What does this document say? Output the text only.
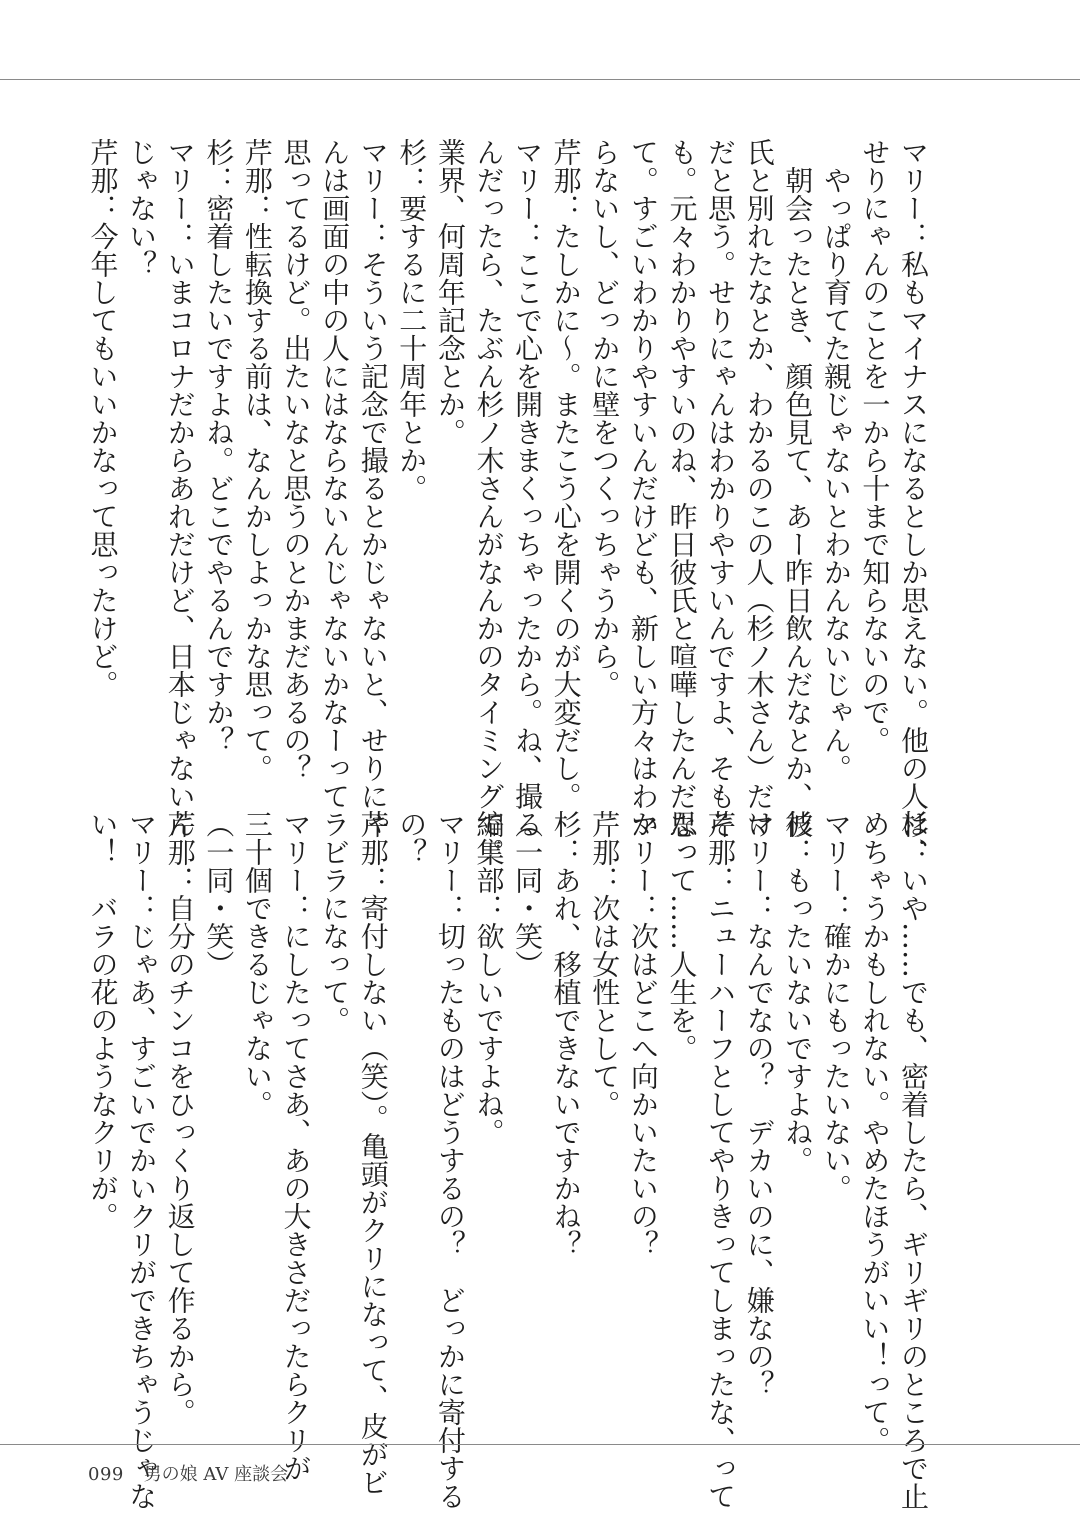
マリー：私もマイナスになるとしか思えない。他の人は、
せりにゃんのことを一から十まで知らないので。
　やっぱり育てた親じゃないとわかんないじゃん。
　朝会ったとき、顔色見て、あー昨日飲んだなとか、彼
氏と別れたなとか、わかるのこの人（杉ノ木さん）だけ
だと思う。せりにゃんはわかりやすいんですよ、そもそ
も。元々わかりやすいのね、昨日彼氏と喧嘩したんだなっ
て。すごいわかりやすいんだけども、新しい方々はわか
らないし、どっかに壁をつくっちゃうから。
芹那：たしかに〜。またこう心を開くのが大変だし。
マリー：ここで心を開きまくっちゃったから。ね、撮る
んだったら、たぶん杉ノ木さんがなんかのタイミングで。
業界、何周年記念とか。
杉：要するに二十周年とか。
マリー：そういう記念で撮るとかじゃないと、せりにゃ
んは画面の中の人にはならないんじゃないかなーって
思ってるけど。出たいなと思うのとかまだあるの？
芹那：性転換する前は、なんかしよっかな思って。
杉：密着したいですよね。どこでやるんですか？
マリー：いまコロナだからあれだけど、日本じゃないん
じゃない？
芹那：今年してもいいかなって思ったけど。
杉：いや……でも、密着したら、ギリギリのところで止
めちゃうかもしれない。やめたほうがいい！って。
マリー：確かにもったいない。
杉：もったいないですよね。
マリー：なんでなの？　デカいのに、嫌なの？
芹那：ニューハーフとしてやりきってしまったな、って
思って……人生を。
マリー：次はどこへ向かいたいの？
芹那：次は女性として。
杉：あれ、移植できないですかね？
（一同・笑）
編集部：欲しいですよね。
マリー：切ったものはどうするの？　どっかに寄付する
の？
芹那：寄付しない（笑）。亀頭がクリになって、皮がビ
ラビラになって。
マリー：にしたってさあ、あの大きさだったらクリが
三十個できるじゃない。
（一同・笑）
芹那：自分のチンコをひっくり返して作るから。
マリー：じゃあ、すごいでかいクリができちゃうじゃな
い！　バラの花のようなクリが。
099 男の娘 AV 座談会
